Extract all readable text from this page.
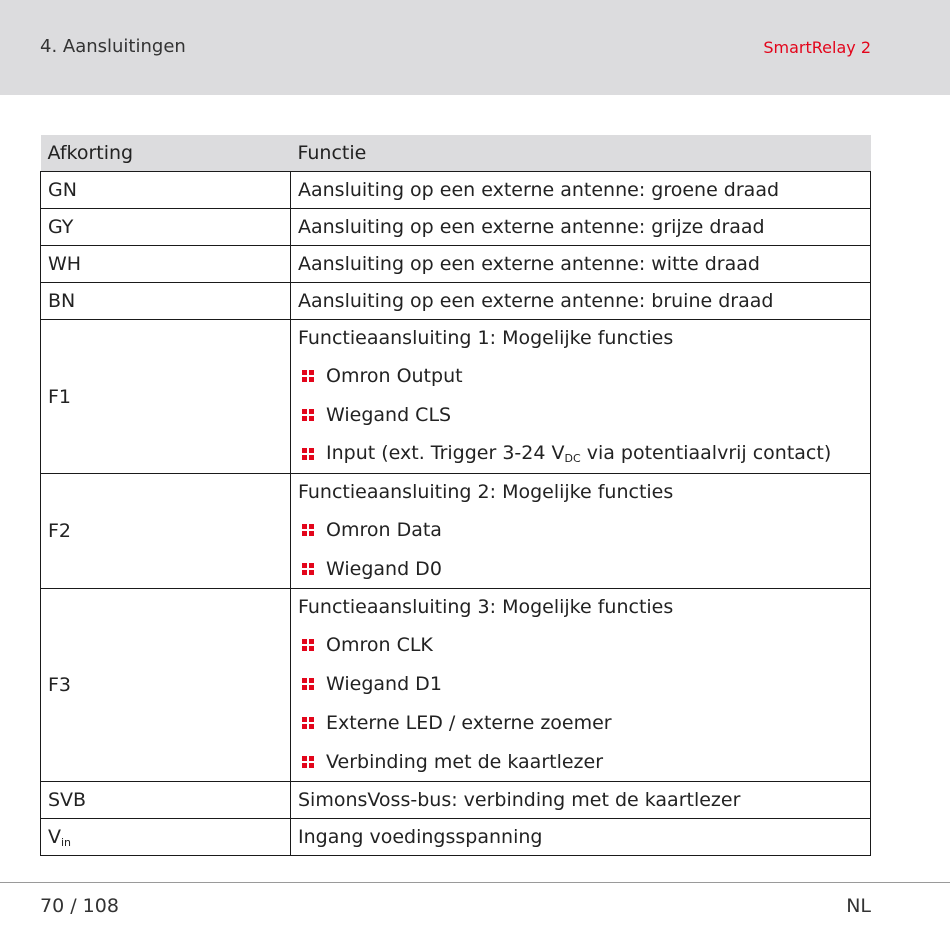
4. Aansluitingen	SmartRelay 2
Afkorting	Functie
GN	Aansluiting op een externe antenne: groene draad
GY	Aansluiting op een externe antenne: grijze draad
WH	Aansluiting op een externe antenne: witte draad
BN	Aansluiting op een externe antenne: bruine draad
F1	Functieaansluiting 1: Mogelijke functies
Omron Output
Wiegand CLS
Input (ext. Trigger 3-24 $V_{DC}$ via potentiaalvrij contact)

F2	Functieaansluiting 2: Mogelijke functies
Omron Data
Wiegand D0

F3	Functieaansluiting 3: Mogelijke functies
Omron CLK
Wiegand D1
Externe LED / externe zoemer
Verbinding met de kaartlezer

SVB	SimonsVoss-bus: verbinding met de kaartlezer
$V_{in}$	Ingang voedingsspanning
70 / 108	NL
